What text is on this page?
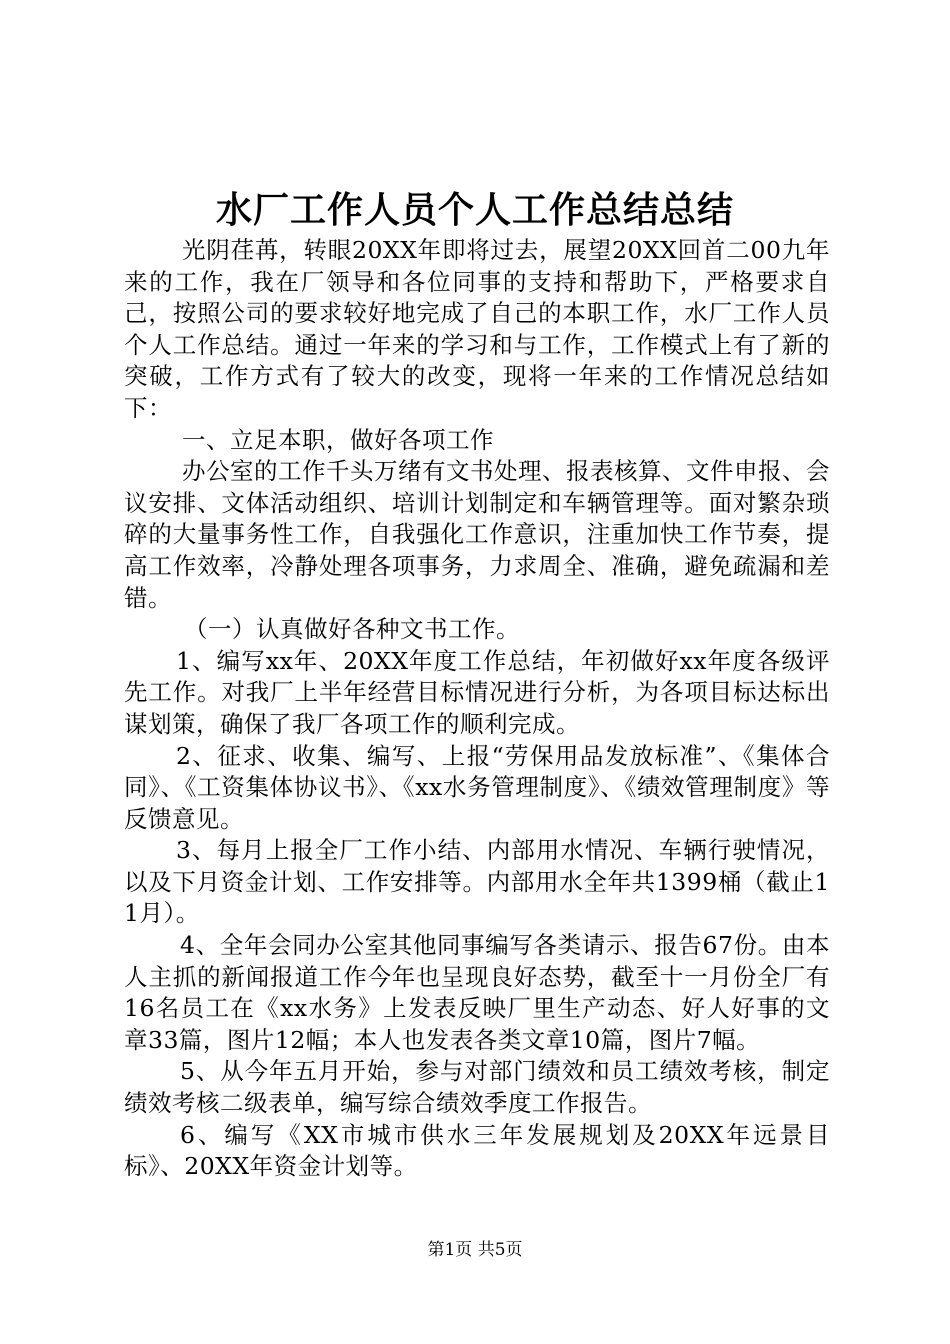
水厂工作人员个人工作总结总结

光阴荏苒，转眼20XX年即将过去，展望20XX回首二00九年来的工作，我在厂领导和各位同事的支持和帮助下，严格要求自己，按照公司的要求较好地完成了自己的本职工作，水厂工作人员个人工作总结。通过一年来的学习和与工作，工作模式上有了新的突破，工作方式有了较大的改变，现将一年来的工作情况总结如下：

一、立足本职，做好各项工作

办公室的工作千头万绪有文书处理、报表核算、文件申报、会议安排、文体活动组织、培训计划制定和车辆管理等。面对繁杂琐碎的大量事务性工作，自我强化工作意识，注重加快工作节奏，提高工作效率，冷静处理各项事务，力求周全、准确，避免疏漏和差错。

（一）认真做好各种文书工作。

1、编写xx年、20XX年度工作总结，年初做好xx年度各级评先工作。对我厂上半年经营目标情况进行分析，为各项目标达标出谋划策，确保了我厂各项工作的顺利完成。

2、征求、收集、编写、上报“劳保用品发放标准”、《集体合同》、《工资集体协议书》、《xx水务管理制度》、《绩效管理制度》等反馈意见。

3、每月上报全厂工作小结、内部用水情况、车辆行驶情况，以及下月资金计划、工作安排等。内部用水全年共1399桶（截止11月）。

4、全年会同办公室其他同事编写各类请示、报告67份。由本人主抓的新闻报道工作今年也呈现良好态势，截至十一月份全厂有16名员工在《xx水务》上发表反映厂里生产动态、好人好事的文章33篇，图片12幅；本人也发表各类文章10篇，图片7幅。

5、从今年五月开始，参与对部门绩效和员工绩效考核，制定绩效考核二级表单，编写综合绩效季度工作报告。

6、编写《XX市城市供水三年发展规划及20XX年远景目标》、20XX年资金计划等。

第1页 共5页
